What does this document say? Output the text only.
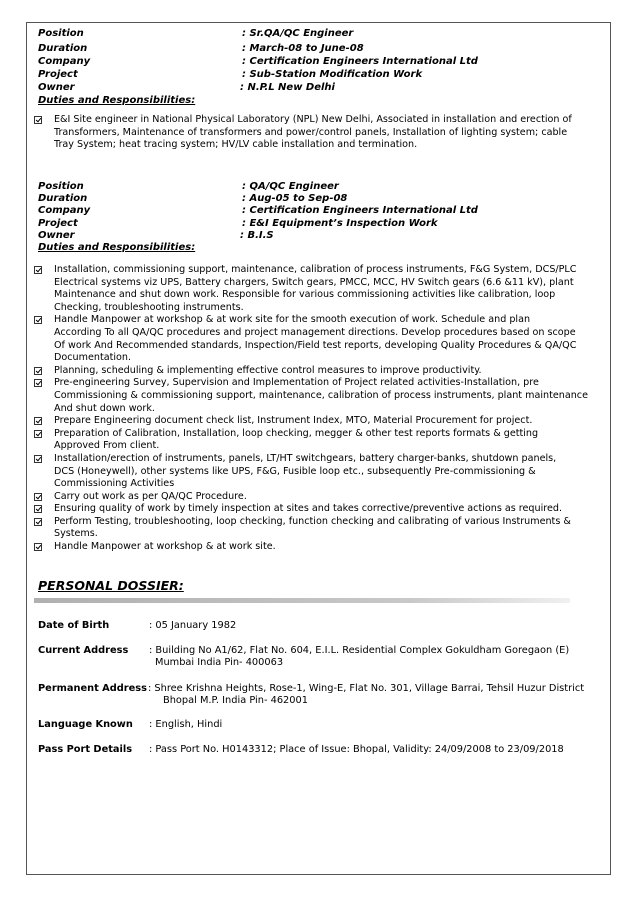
Position	: Sr.QA/QC Engineer
Duration	: March-08 to June-08
Company	: Certification Engineers International Ltd
Project	: Sub-Station Modification Work
Owner	: N.P.L New Delhi
Duties and Responsibilities:
E&I Site engineer in National Physical Laboratory (NPL) New Delhi, Associated in installation and erection of
Transformers, Maintenance of transformers and power/control panels, Installation of lighting system; cable
Tray System; heat tracing system; HV/LV cable installation and termination.
Position	: QA/QC Engineer
Duration	: Aug-05 to Sep-08
Company	: Certification Engineers International Ltd
Project	: E&I Equipment’s Inspection Work
Owner	: B.I.S
Duties and Responsibilities:
Installation, commissioning support, maintenance, calibration of process instruments, F&G System, DCS/PLC
Electrical systems viz UPS, Battery chargers, Switch gears, PMCC, MCC, HV Switch gears (6.6 &11 kV), plant
Maintenance and shut down work. Responsible for various commissioning activities like calibration, loop
Checking, troubleshooting instruments.
Handle Manpower at workshop & at work site for the smooth execution of work. Schedule and plan
According To all QA/QC procedures and project management directions. Develop procedures based on scope
Of work And Recommended standards, Inspection/Field test reports, developing Quality Procedures & QA/QC
Documentation.
Planning, scheduling & implementing effective control measures to improve productivity.
Pre-engineering Survey, Supervision and Implementation of Project related activities-Installation, pre
Commissioning & commissioning support, maintenance, calibration of process instruments, plant maintenance
And shut down work.
Prepare Engineering document check list, Instrument Index, MTO, Material Procurement for project.
Preparation of Calibration, Installation, loop checking, megger & other test reports formats & getting
Approved From client.
Installation/erection of instruments, panels, LT/HT switchgears, battery charger-banks, shutdown panels,
DCS (Honeywell), other systems like UPS, F&G, Fusible loop etc., subsequently Pre-commissioning &
Commissioning Activities
Carry out work as per QA/QC Procedure.
Ensuring quality of work by timely inspection at sites and takes corrective/preventive actions as required.
Perform Testing, troubleshooting, loop checking, function checking and calibrating of various Instruments &
Systems.
Handle Manpower at workshop & at work site.
PERSONAL DOSSIER:
Date of Birth	: 05 January 1982
Current Address : Building No A1/62, Flat No. 604, E.I.L. Residential Complex Gokuldham Goregaon (E)
Mumbai India Pin- 400063
Permanent Address : Shree Krishna Heights, Rose-1, Wing-E, Flat No. 301, Village Barrai, Tehsil Huzur District
Bhopal M.P. India Pin- 462001
Language Known : English, Hindi
Pass Port Details : Pass Port No. H0143312; Place of Issue: Bhopal, Validity: 24/09/2008 to 23/09/2018
